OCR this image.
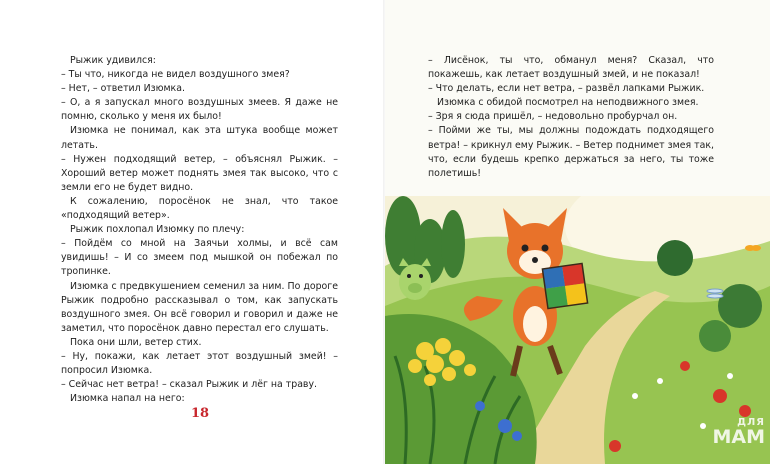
Рыжик удивился:

– Ты что, никогда не видел воздушного змея?

– Нет, – ответил Изюмка.

– О, а я запускал много воздушных змеев. Я даже не помню, сколько у меня их было!

Изюмка не понимал, как эта штука вообще может летать.

– Нужен подходящий ветер, – объяснял Рыжик. – Хороший ветер может поднять змея так высоко, что с земли его не будет видно.

К сожалению, поросёнок не знал, что такое «подходящий ветер».

Рыжик похлопал Изюмку по плечу:

– Пойдём со мной на Заячьи холмы, и всё сам увидишь! – И со змеем под мышкой он побежал по тропинке.

Изюмка с предвкушением семенил за ним. По дороге Рыжик подробно рассказывал о том, как запускать воздушного змея. Он всё говорил и говорил и даже не заметил, что поросёнок давно перестал его слушать.

Пока они шли, ветер стих.

– Ну, покажи, как летает этот воздушный змей! – попросил Изюмка.

– Сейчас нет ветра! – сказал Рыжик и лёг на траву.

Изюмка напал на него:

18

– Лисёнок, ты что, обманул меня? Сказал, что покажешь, как летает воздушный змей, и не показал!

– Что делать, если нет ветра, – развёл лапками Рыжик.

Изюмка с обидой посмотрел на неподвижного змея.

– Зря я сюда пришёл, – недовольно пробурчал он.

– Пойми же ты, мы должны подождать подходящего ветра! – крикнул ему Рыжик. – Ветер поднимет змея так, что, если будешь крепко держаться за него, ты тоже полетишь!

ДЛЯ
МАМ
